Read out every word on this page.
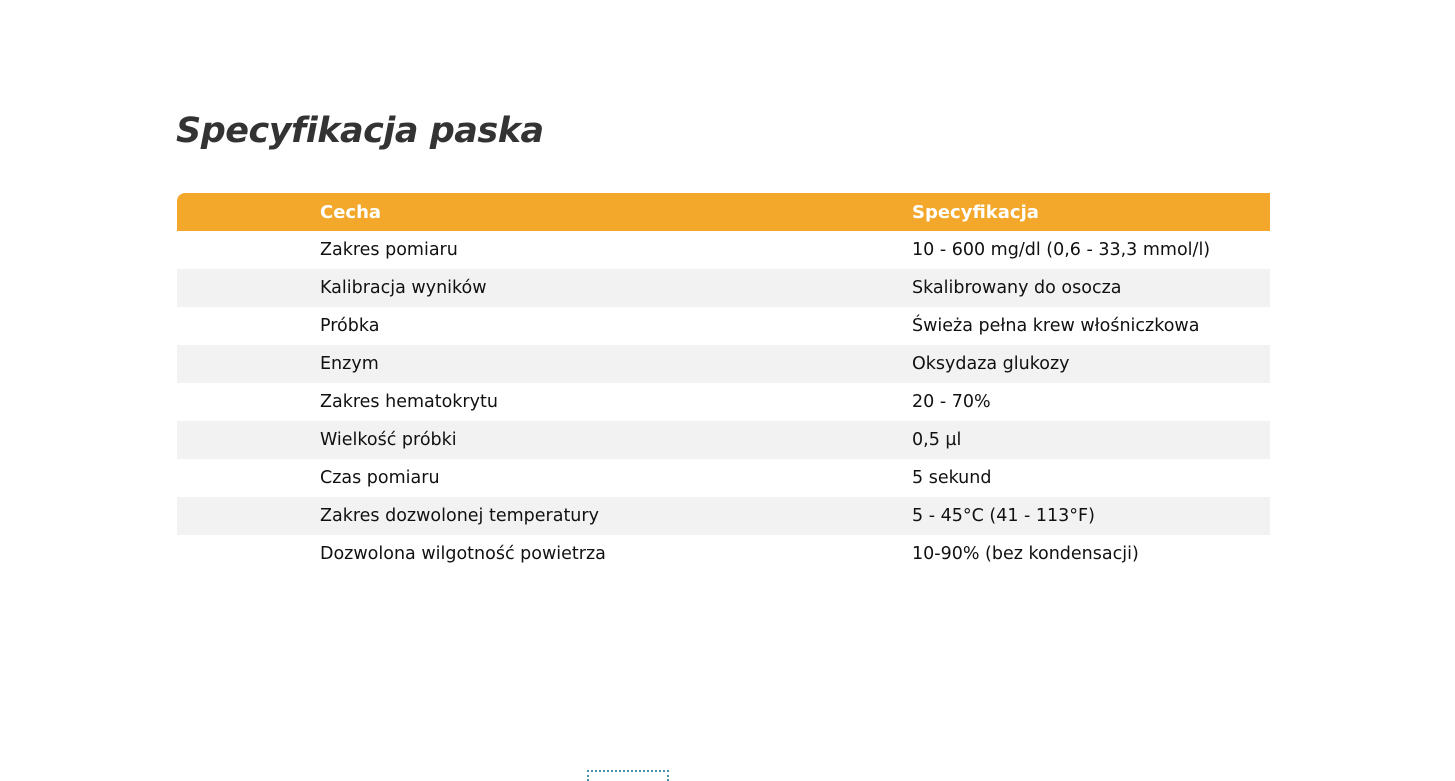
Specyfikacja paska
Cecha	Specyfikacja
Zakres pomiaru	10 - 600 mg/dl (0,6 - 33,3 mmol/l)
Kalibracja wyników	Skalibrowany do osocza
Próbka	Świeża pełna krew włośniczkowa
Enzym	Oksydaza glukozy
Zakres hematokrytu	20 - 70%
Wielkość próbki	0,5 µl
Czas pomiaru	5 sekund
Zakres dozwolonej temperatury	5 - 45°C (41 - 113°F)
Dozwolona wilgotność powietrza	10-90% (bez kondensacji)
